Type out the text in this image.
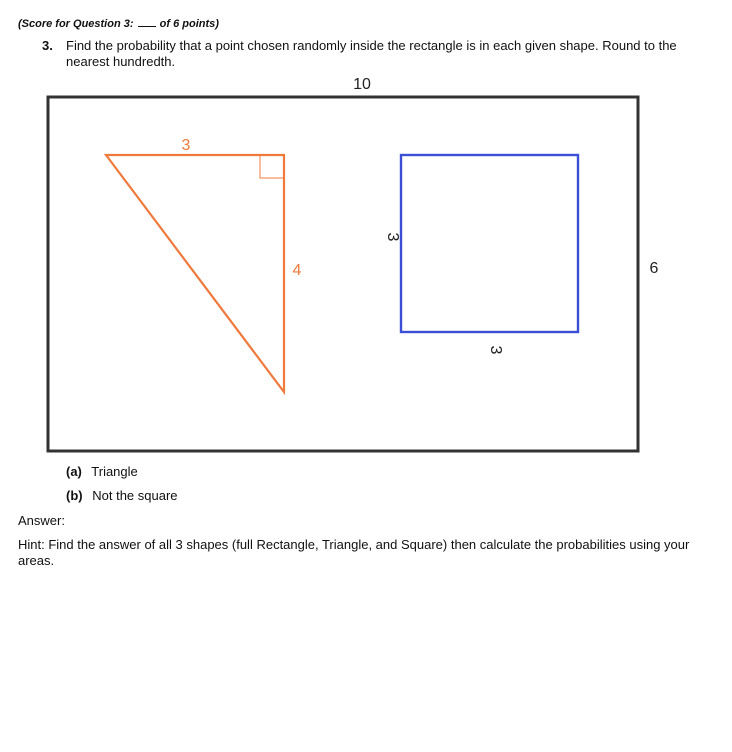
(Score for Question 3: of 6 points)
3. Find the probability that a point chosen randomly inside the rectangle is in each given shape. Round to the nearest hundredth.
10
3
4
3
3
6
(a) Triangle
(b) Not the square
Answer:
Hint: Find the answer of all 3 shapes (full Rectangle, Triangle, and Square) then calculate the probabilities using your areas.
